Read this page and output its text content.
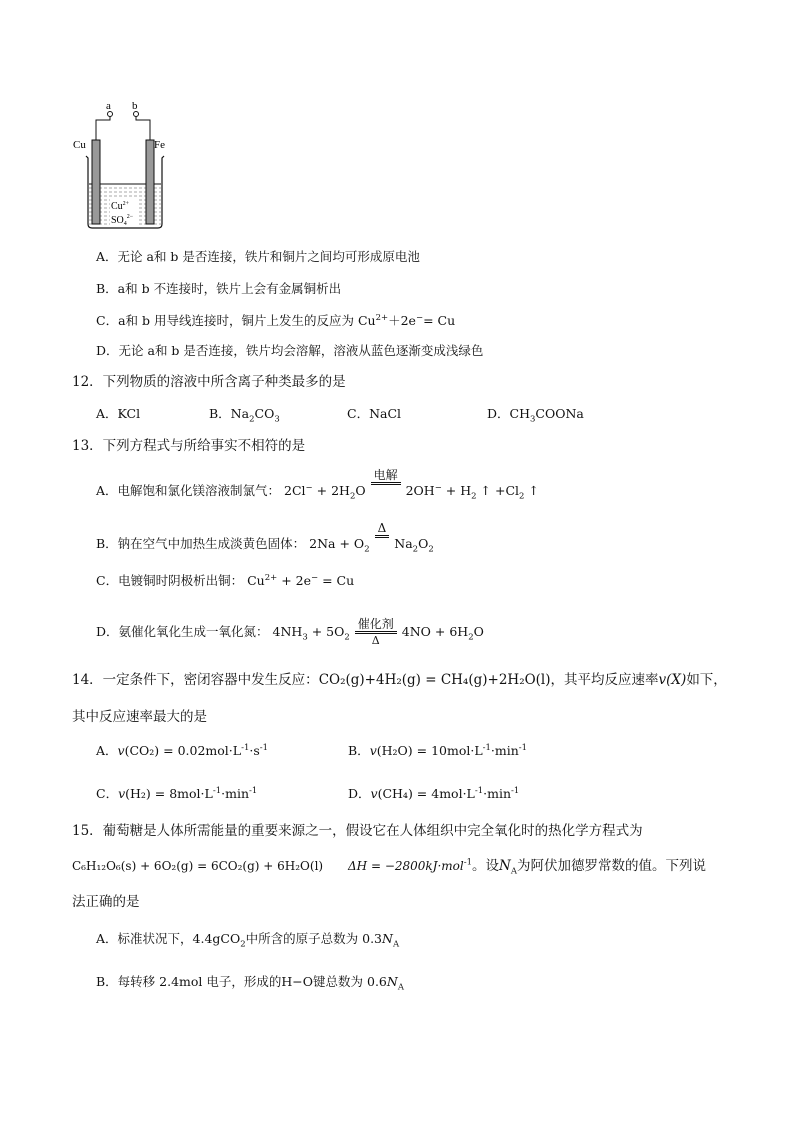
a b
Cu	Fe
$Cu^{2+}$
$SO_4^{2-}$
A．无论 a和 b 是否连接，铁片和铜片之间均可形成原电池
B．a和 b 不连接时，铁片上会有金属铜析出
C．a和 b 用导线连接时，铜片上发生的反应为 $Cu^{2+}+2e^-= Cu$
D．无论 a和 b 是否连接，铁片均会溶解，溶液从蓝色逐渐变成浅绿色
12．下列物质的溶液中所含离子种类最多的是
A．KCl	B．$Na_2CO_3$	C．NaCl	D．$CH_3COONa$
13．下列方程式与所给事实不相符的是
A．电解饱和氯化镁溶液制氯气： $2Cl^- + 2H_2O$
电解

$2OH^- + H_2$ ↑ $+Cl_2$ ↑
B．钠在空气中加热生成淡黄色固体： $2Na + O_2$
Δ

$Na_2O_2$
C．电镀铜时阴极析出铜： $Cu^{2+} + 2e^- = Cu$
D．氨催化氧化生成一氧化氮： $4NH_3 + 5O_2 \frac{\text{催化剂}}{\Delta} 4NO + 6H_2O$
14．一定条件下，密闭容器中发生反应：CO₂(g)+4H₂(g) = CH₄(g)+2H₂O(l)，其平均反应速率v(X)如下，
其中反应速率最大的是
A．$v(CO_2) = 0.02mol\cdot L^{-1}\cdot s^{-1}$	B．$v(H_2O) = 10mol\cdot L^{-1}\cdot\min^{-1}$
C．$v(H_2) = 8mol\cdot L^{-1}\cdot\min^{-1}$	D．$v(CH_4) = 4mol\cdot L^{-1}\cdot\min^{-1}$
15．葡萄糖是人体所需能量的重要来源之一，假设它在人体组织中完全氧化时的热化学方程式为
C₆H₁₂O₆(s) + 6O₂(g) = 6CO₂(g) + 6H₂O(l) ΔH = −2800kJ·mol$^{-1}$。设$N_A$为阿伏加德罗常数的值。下列说
法正确的是
A．标准状况下，4.4gCO$_2$中所含的原子总数为 $0.3N_A$
B．每转移 2.4mol 电子，形成的H−O键总数为 $0.6N_A$
